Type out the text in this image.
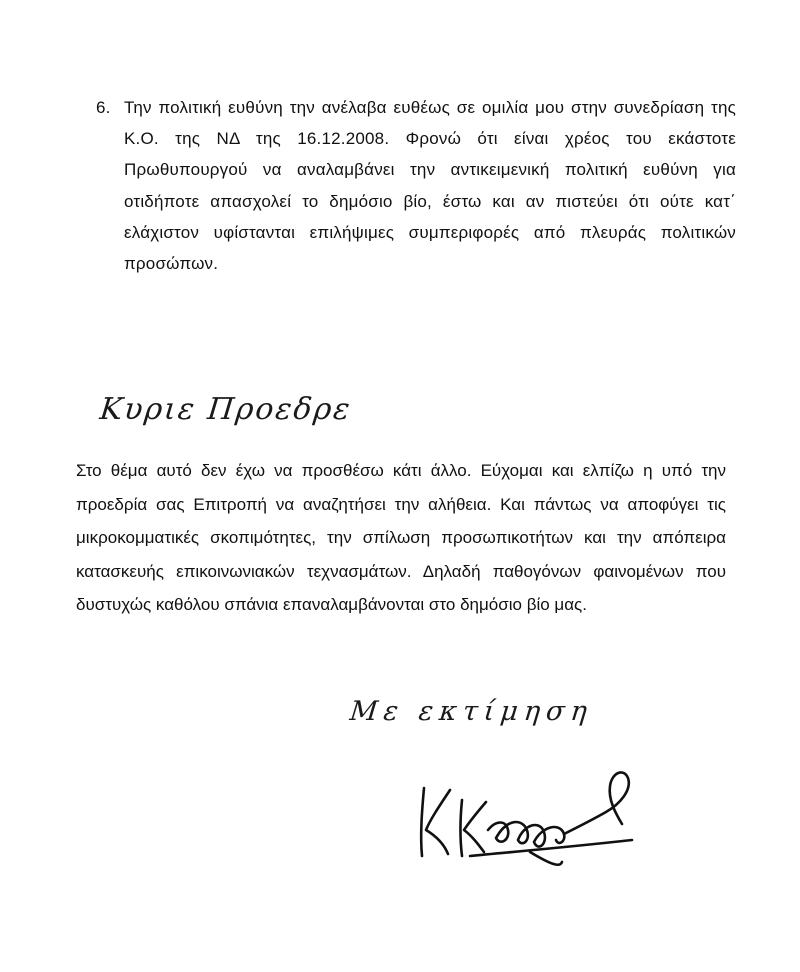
6. Την πολιτική ευθύνη την ανέλαβα ευθέως σε ομιλία μου στην συνεδρίαση της Κ.Ο. της ΝΔ της 16.12.2008. Φρονώ ότι είναι χρέος του εκάστοτε Πρωθυπουργού να αναλαμβάνει την αντικειμενική πολιτική ευθύνη για οτιδήποτε απασχολεί το δημόσιο βίο, έστω και αν πιστεύει ότι ούτε κατ΄ ελάχιστον υφίστανται επιλήψιμες συμπεριφορές από πλευράς πολιτικών προσώπων.
Κυριε Προεδρε
Στο θέμα αυτό δεν έχω να προσθέσω κάτι άλλο. Εύχομαι και ελπίζω η υπό την προεδρία σας Επιτροπή να αναζητήσει την αλήθεια. Και πάντως να αποφύγει τις μικροκομματικές σκοπιμότητες, την σπίλωση προσωπικοτήτων και την απόπειρα κατασκευής επικοινωνιακών τεχνασμάτων. Δηλαδή παθογόνων φαινομένων που δυστυχώς καθόλου σπάνια επαναλαμβάνονται στο δημόσιο βίο μας.
Με εκτίμηση
